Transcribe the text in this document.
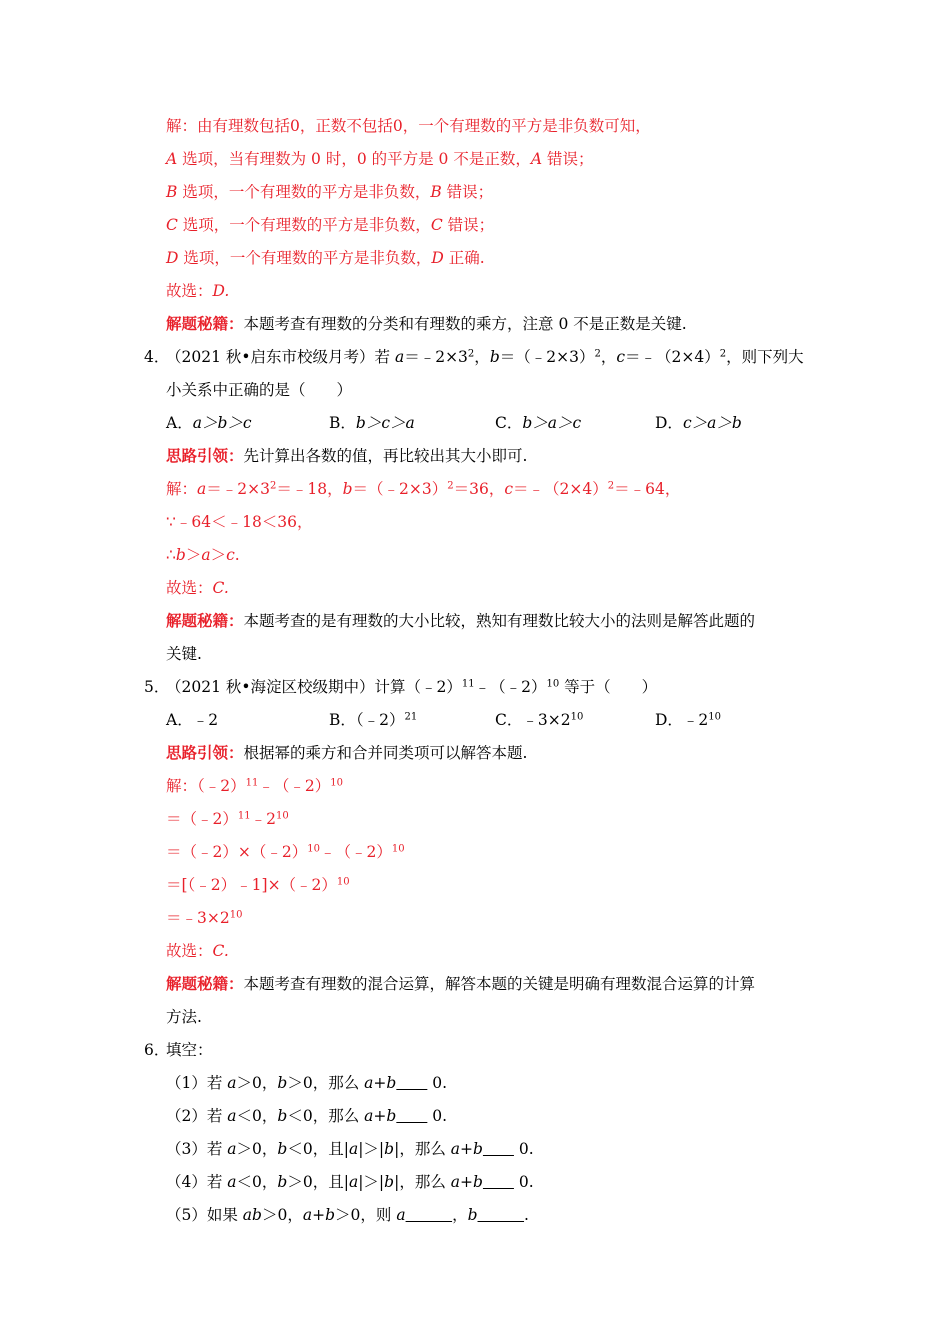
解：由有理数包括0，正数不包括0，一个有理数的平方是非负数可知，
A 选项，当有理数为 0 时，0 的平方是 0 不是正数，A 错误；
B 选项，一个有理数的平方是非负数，B 错误；
C 选项，一个有理数的平方是非负数，C 错误；
D 选项，一个有理数的平方是非负数，D 正确.
故选：D.
解题秘籍：本题考查有理数的分类和有理数的乘方，注意 0 不是正数是关键.
4．
（2021 秋•启东市校级月考）若 $a=﹣2\times 3^2$，b＝（﹣2×3）$^2$，$c=﹣(2\times 4)^2$，则下列大
小关系中正确的是（　　）
A．a＞b＞c	B．b＞c＞a	C．b＞a＞c	D．c＞a＞b
思路引领：先计算出各数的值，再比较出其大小即可.
解：$a=﹣2\times 3^2=﹣18$，b＝（﹣2×3）$^2$＝36，$c=﹣(2\times 4)^2=﹣64$，
∵﹣64＜﹣18＜36，
∴b＞a＞c.
故选：C.
解题秘籍：本题考查的是有理数的大小比较，熟知有理数比较大小的法则是解答此题的
关键.
5．
（2021 秋•海淀区校级期中）计算（﹣2）$^{11}$﹣（﹣2）$^{10}$ 等于（　　）
A．﹣2	B．（﹣2）$^{21}$	C．$﹣3\times 2^{10}$	D．$﹣2^{10}$
思路引领：根据幂的乘方和合并同类项可以解答本题.
解：（﹣2）$^{11}$﹣（﹣2）$^{10}$
$=(﹣2)^{11}﹣2^{10}$
＝（﹣2）×（﹣2）$^{10}$﹣（﹣2）$^{10}$
＝[（﹣2）﹣1]×（﹣2）$^{10}$
$=﹣3\times 2^{10}$
故选：C.
解题秘籍：本题考查有理数的混合运算，解答本题的关键是明确有理数混合运算的计算
方法.
6．
填空：
（1）若 a＞0，b＞0，那么 a+b     0.
（2）若 a＜0，b＜0，那么 a+b     0.
（3）若 a＞0，b＜0，且|a|＞|b|，那么 a+b     0.
（4）若 a＜0，b＞0，且|a|＞|b|，那么 a+b     0.
（5）如果 ab＞0，a+b＞0，则 a      	，b      	.
